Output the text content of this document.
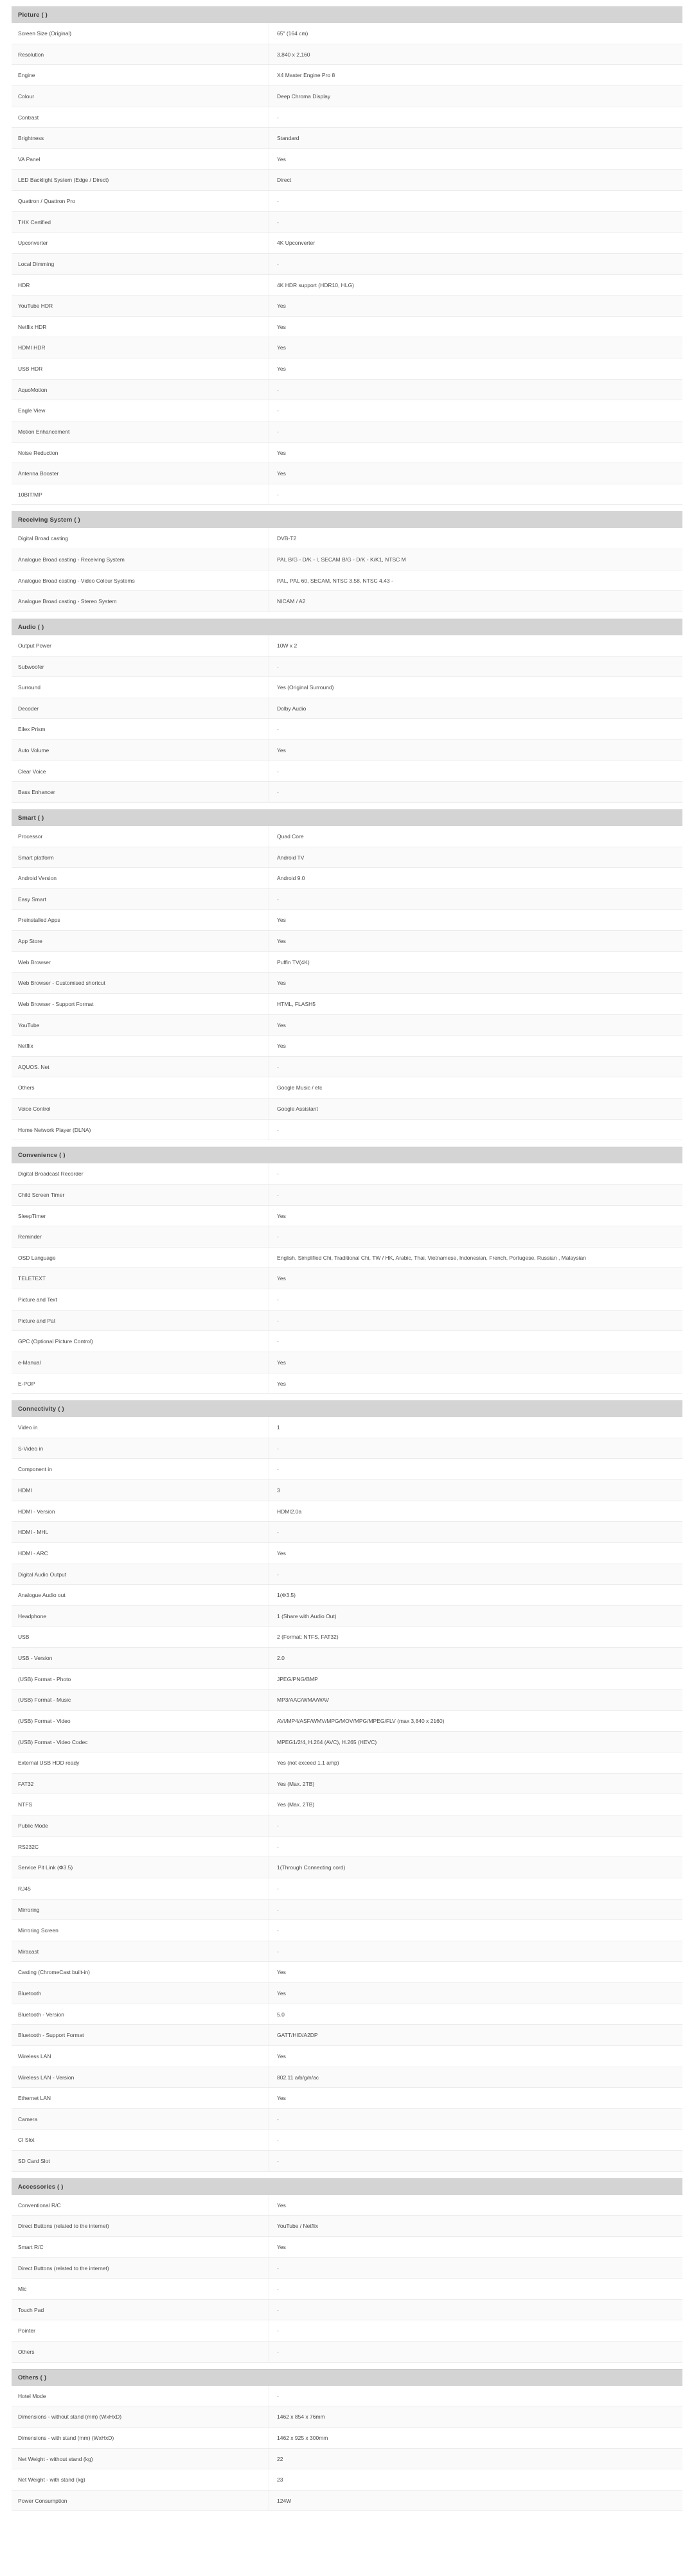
Picture ( )
Screen Size (Original)	65" (164 cm)
Resolution	3,840 x 2,160
Engine	X4 Master Engine Pro 8
Colour	Deep Chroma Display
Contrast	-
Brightness	Standard
VA Panel	Yes
LED Backlight System (Edge / Direct)	Direct
Quattron / Quattron Pro	-
THX Certified	-
Upconverter	4K Upconverter
Local Dimming	-
HDR	4K HDR support (HDR10, HLG)
YouTube HDR	Yes
Netflix HDR	Yes
HDMI HDR	Yes
USB HDR	Yes
AquoMotion	-
Eagle View	-
Motion Enhancement	-
Noise Reduction	Yes
Antenna Booster	Yes
10BIT/MP	-
Receiving System ( )
Digital Broad casting	DVB-T2
Analogue Broad casting - Receiving System	PAL B/G - D/K - I, SECAM B/G - D/K - K/K1, NTSC M
Analogue Broad casting - Video Colour Systems	PAL, PAL 60, SECAM, NTSC 3.58, NTSC 4.43 -
Analogue Broad casting - Stereo System	NICAM / A2
Audio ( )
Output Power	10W x 2
Subwoofer	-
Surround	Yes (Original Surround)
Decoder	Dolby Audio
Eilex Prism	-
Auto Volume	Yes
Clear Voice	-
Bass Enhancer	-
Smart ( )
Processor	Quad Core
Smart platform	Android TV
Android Version	Android 9.0
Easy Smart	-
Preinstalled Apps	Yes
App Store	Yes
Web Browser	Puffin TV(4K)
Web Browser - Customised shortcut	Yes
Web Browser - Support Format	HTML, FLASH5
YouTube	Yes
Netflix	Yes
AQUOS. Net	-
Others	Google Music / etc
Voice Control	Google Assistant
Home Network Player (DLNA)	-
Convenience ( )
Digital Broadcast Recorder	-
Child Screen Timer	-
SleepTimer	Yes
Reminder	-
OSD Language	English, Simplified Chi, Traditional Chi, TW / HK, Arabic, Thai, Vietnamese, Indonesian, French, Portugese, Russian , Malaysian
TELETEXT	Yes
Picture and Text	-
Picture and Pat	-
GPC (Optional Picture Control)	-
e-Manual	Yes
E-POP	Yes
Connectivity ( )
Video in	1
S-Video in	-
Component in	-
HDMI	3
HDMI - Version	HDMI2.0a
HDMI - MHL	-
HDMI - ARC	Yes
Digital Audio Output	-
Analogue Audio out	1(Φ3.5)
Headphone	1 (Share with Audio Out)
USB	2 (Format: NTFS, FAT32)
USB - Version	2.0
(USB) Format - Photo	JPEG/PNG/BMP
(USB) Format - Music	MP3/AAC/WMA/WAV
(USB) Format - Video	AVI/MP4/ASF/WMV/MPG/MOV/MPG/MPEG/FLV (max 3,840 x 2160)
(USB) Format - Video Codec	MPEG1/2/4, H.264 (AVC), H.265 (HEVC)
External USB HDD ready	Yes (not exceed 1.1 amp)
FAT32	Yes (Max. 2TB)
NTFS	Yes (Max. 2TB)
Public Mode	-
RS232C	-
Service Pit Link (Φ3.5)	1(Through Connecting cord)
RJ45	-
Mirroring	-
Mirroring Screen	-
Miracast	-
Casting (ChromeCast built-in)	Yes
Bluetooth	Yes
Bluetooth - Version	5.0
Bluetooth - Support Format	GATT/HID/A2DP
Wireless LAN	Yes
Wireless LAN - Version	802.11 a/b/g/n/ac
Ethernet LAN	Yes
Camera	-
CI Slot	-
SD Card Slot	-
Accessories ( )
Conventional R/C	Yes
Direct Buttons (related to the internet)	YouTube / Netflix
Smart R/C	Yes
Direct Buttons (related to the internet)	-
Mic	-
Touch Pad	-
Pointer	-
Others	-
Others ( )
Hotel Mode	-
Dimensions - without stand (mm) (WxHxD)	1462 x 854 x 76mm
Dimensions - with stand (mm) (WxHxD)	1462 x 925 x 300mm
Net Weight - without stand (kg)	22
Net Weight - with stand (kg)	23
Power Consumption	124W
